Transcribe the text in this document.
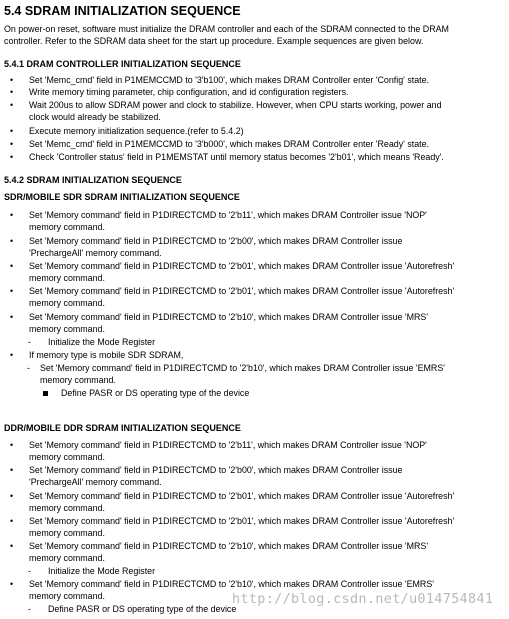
5.4 SDRAM INITIALIZATION SEQUENCE
On power-on reset, software must initialize the DRAM controller and each of the SDRAM connected to the DRAM
controller. Refer to the SDRAM data sheet for the start up procedure. Example sequences are given below.
5.4.1 DRAM CONTROLLER INITIALIZATION SEQUENCE
•	Set 'Memc_cmd' field in P1MEMCCMD to '3'b100', which makes DRAM Controller enter 'Config' state.
•	Write memory timing parameter, chip configuration, and id configuration registers.
•	Wait 200us to allow SDRAM power and clock to stabilize. However, when CPU starts working, power and
clock would already be stabilized.
•	Execute memory initialization sequence.(refer to 5.4.2)
•	Set 'Memc_cmd' field in P1MEMCCMD to '3'b000', which makes DRAM Controller enter 'Ready' state.
•	Check 'Controller status' field in P1MEMSTAT until memory status becomes '2'b01', which means 'Ready'.
5.4.2 SDRAM INITIALIZATION SEQUENCE
SDR/MOBILE SDR SDRAM INITIALIZATION SEQUENCE
•	Set 'Memory command' field in P1DIRECTCMD to '2'b11', which makes DRAM Controller issue 'NOP'
memory command.
•	Set 'Memory command' field in P1DIRECTCMD to '2'b00', which makes DRAM Controller issue
'PrechargeAll' memory command.
•	Set 'Memory command' field in P1DIRECTCMD to '2'b01', which makes DRAM Controller issue 'Autorefresh'
memory command.
•	Set 'Memory command' field in P1DIRECTCMD to '2'b01', which makes DRAM Controller issue 'Autorefresh'
memory command.
•	Set 'Memory command' field in P1DIRECTCMD to '2'b10', which makes DRAM Controller issue 'MRS'
memory command.
- Initialize the Mode Register
•	If memory type is mobile SDR SDRAM,
- Set 'Memory command' field in P1DIRECTCMD to '2'b10', which makes DRAM Controller issue 'EMRS'
memory command.
Define PASR or DS operating type of the device
DDR/MOBILE DDR SDRAM INITIALIZATION SEQUENCE
•	Set 'Memory command' field in P1DIRECTCMD to '2'b11', which makes DRAM Controller issue 'NOP'
memory command.
•	Set 'Memory command' field in P1DIRECTCMD to '2'b00', which makes DRAM Controller issue
'PrechargeAll' memory command.
•	Set 'Memory command' field in P1DIRECTCMD to '2'b01', which makes DRAM Controller issue 'Autorefresh'
memory command.
•	Set 'Memory command' field in P1DIRECTCMD to '2'b01', which makes DRAM Controller issue 'Autorefresh'
memory command.
•	Set 'Memory command' field in P1DIRECTCMD to '2'b10', which makes DRAM Controller issue 'MRS'
memory command.
- Initialize the Mode Register
•	Set 'Memory command' field in P1DIRECTCMD to '2'b10', which makes DRAM Controller issue 'EMRS'
memory command.
- Define PASR or DS operating type of the device
http://blog.csdn.net/u014754841
